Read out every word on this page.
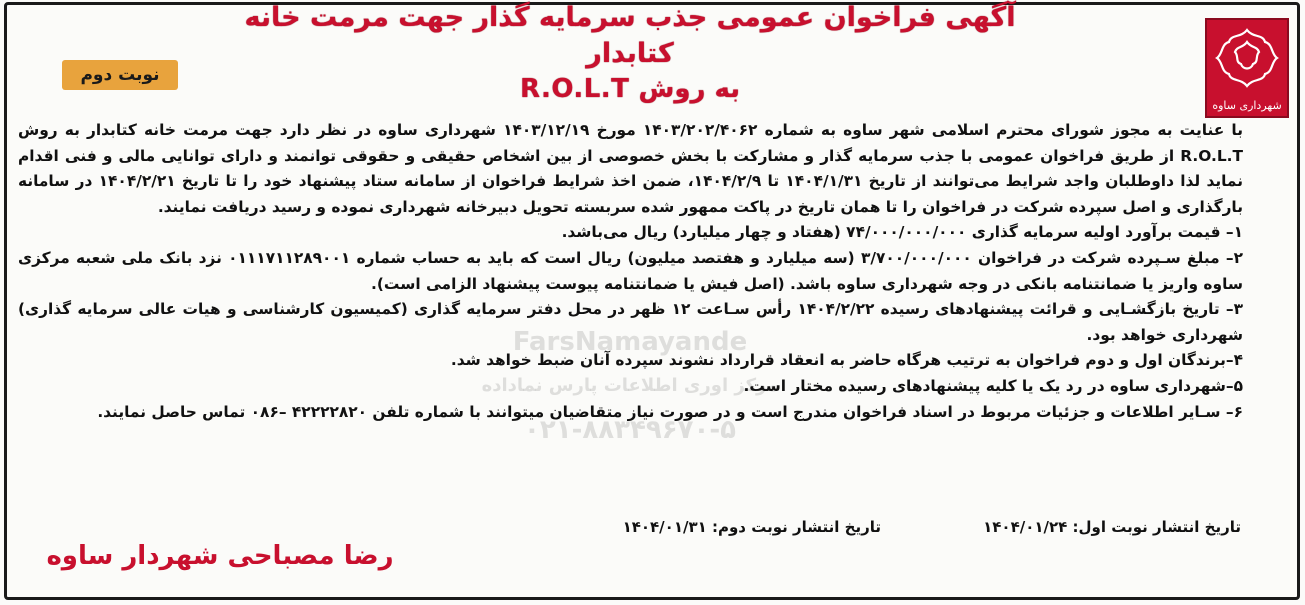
آگهی فراخوان عمومی جذب سرمایه گذار جهت مرمت خانه کتابدار
به روش R.O.L.T
شهرداری ساوه
نوبت دوم
FarsNamayande
مرکز اوری اطلاعات پارس نماداده
۰۲۱-۸۸۳۴۹۶۷۰-۵

با عنایت به مجوز شورای محترم اسلامی شهر ساوه به شماره ۱۴۰۳/۲۰۲/۴۰۶۲ مورخ ۱۴۰۳/۱۲/۱۹ شهرداری ساوه در نظر دارد جهت مرمت خانه کتابدار به روش R.O.L.T از طریق فراخوان عمومی با جذب سرمایه گذار و مشارکت با بخش خصوصی از بین اشخاص حقیقی و حقوقی توانمند و دارای توانایی مالی و فنی اقدام نماید لذا داوطلبان واجد شرایط می‌توانند از تاریخ ۱۴۰۴/۱/۳۱ تا ۱۴۰۴/۲/۹، ضمن اخذ شرایط فراخوان از سامانه ستاد پیشنهاد خود را تا تاریخ ۱۴۰۴/۲/۲۱ در سامانه بارگذاری و اصل سپرده شرکت در فراخوان را تا همان تاریخ در پاکت ممهور شده سربسته تحویل دبیرخانه شهرداری نموده و رسید دریافت نمایند.

۱– قیمت برآورد اولیه سرمایه گذاری ۷۴/۰۰۰/۰۰۰/۰۰۰ (هفتاد و چهار میلیارد) ریال می‌باشد.

۲– مبلغ سـپرده شرکت در فراخوان ۳/۷۰۰/۰۰۰/۰۰۰ (سه میلیارد و هفتصد میلیون) ریال است که باید به حساب شماره ۰۱۱۱۷۱۱۲۸۹۰۰۱ نزد بانک ملی شعبه مرکزی ساوه واریز یا ضمانتنامه بانکی در وجه شهرداری ساوه باشد. (اصل فیش یا ضمانتنامه پیوست پیشنهاد الزامی است).

۳– تاریخ بازگشـایی و قرائت پیشنهادهای رسیده ۱۴۰۴/۲/۲۲ رأس سـاعت ۱۲ ظهر در محل دفتر سرمایه گذاری (کمیسیون کارشناسی و هیات عالی سرمایه گذاری) شهرداری خواهد بود.

۴–برندگان اول و دوم فراخوان به ترتیب هرگاه حاضر به انعقاد قرارداد نشوند سپرده آنان ضبط خواهد شد.

۵–شهرداری ساوه در رد یک یا کلیه پیشنهادهای رسیده مختار است.

۶– سـایر اطلاعات و جزئیات مربوط در اسناد فراخوان مندرج است و در صورت نیاز متقاضیان میتوانند با شماره تلفن ۴۲۲۲۲۸۲۰ –۰۸۶ تماس حاصل نمایند.

تاریخ انتشار نوبت اول: ۱۴۰۴/۰۱/۲۴
تاریخ انتشار نوبت دوم: ۱۴۰۴/۰۱/۳۱
رضا مصباحی شهردار ساوه
